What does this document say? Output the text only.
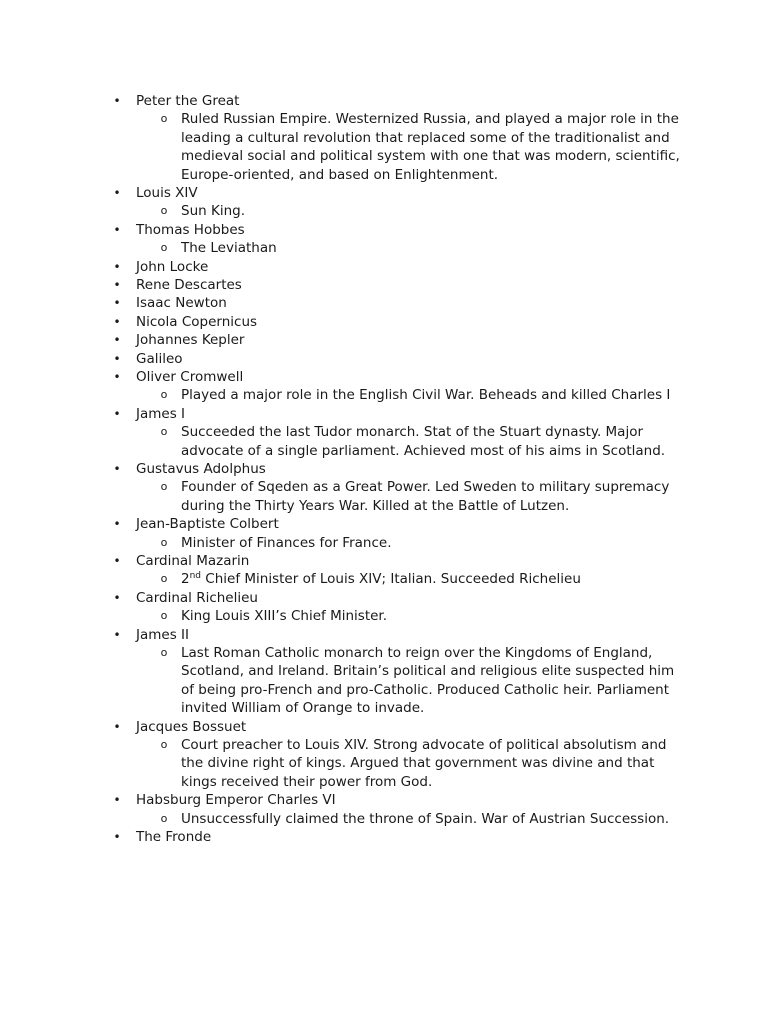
• Peter the Great
o Ruled Russian Empire. Westernized Russia, and played a major role in the leading a cultural revolution that replaced some of the traditionalist and medieval social and political system with one that was modern, scientific, Europe-oriented, and based on Enlightenment.
• Louis XIV
o Sun King.
• Thomas Hobbes
o The Leviathan
• John Locke
• Rene Descartes
• Isaac Newton
• Nicola Copernicus
• Johannes Kepler
• Galileo
• Oliver Cromwell
o Played a major role in the English Civil War. Beheads and killed Charles I
• James I
o Succeeded the last Tudor monarch. Stat of the Stuart dynasty. Major advocate of a single parliament. Achieved most of his aims in Scotland.
• Gustavus Adolphus
o Founder of Sqeden as a Great Power. Led Sweden to military supremacy during the Thirty Years War. Killed at the Battle of Lutzen.
• Jean-Baptiste Colbert
o Minister of Finances for France.
• Cardinal Mazarin
o 2nd Chief Minister of Louis XIV; Italian. Succeeded Richelieu
• Cardinal Richelieu
o King Louis XIII’s Chief Minister.
• James II
o Last Roman Catholic monarch to reign over the Kingdoms of England, Scotland, and Ireland. Britain’s political and religious elite suspected him of being pro-French and pro-Catholic. Produced Catholic heir. Parliament invited William of Orange to invade.
• Jacques Bossuet
o Court preacher to Louis XIV. Strong advocate of political absolutism and the divine right of kings. Argued that government was divine and that kings received their power from God.
• Habsburg Emperor Charles VI
o Unsuccessfully claimed the throne of Spain. War of Austrian Succession.
• The Fronde
